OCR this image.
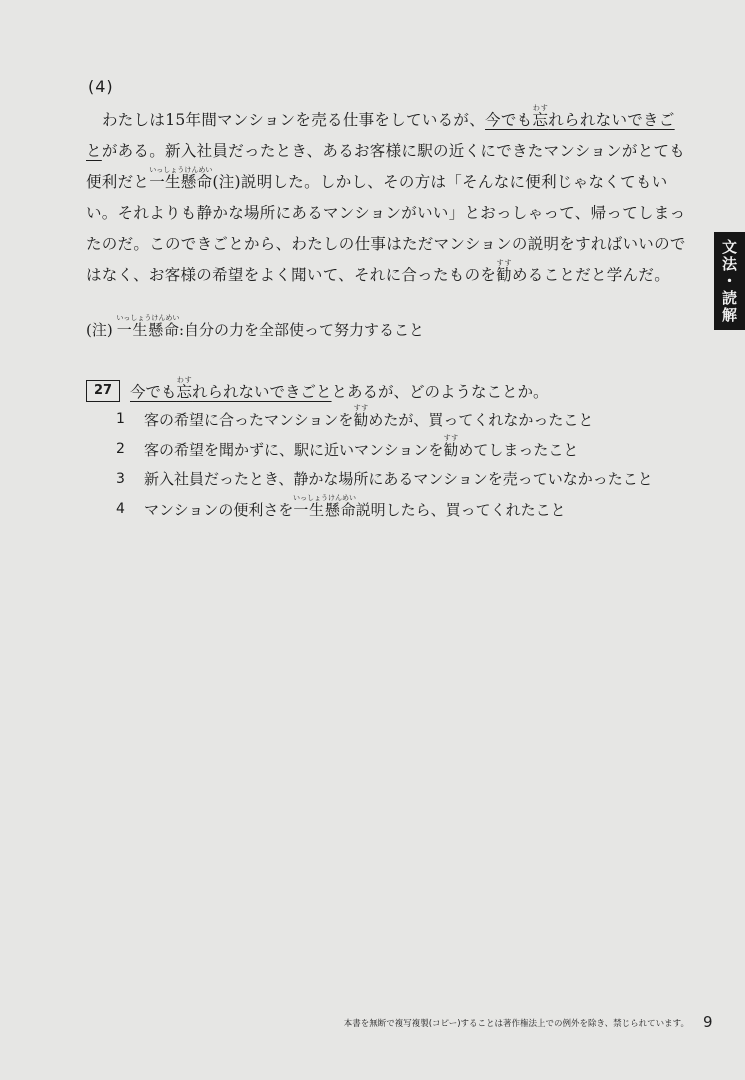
文法・読解
(4)

わたしは15年間マンションを売る仕事をしているが、今でも忘わすれられないできごとがある。新入社員だったとき、あるお客様に駅の近くにできたマンションがとても便利だと一生懸命いっしょうけんめい(注)説明した。しかし、その方は「そんなに便利じゃなくてもいい。それよりも静かな場所にあるマンションがいい」とおっしゃって、帰ってしまったのだ。このできごとから、わたしの仕事はただマンションの説明をすればいいのではなく、お客様の希望をよく聞いて、それに合ったものを勧すすめることだと学んだ。

(注) 一生懸命いっしょうけんめい:自分の力を全部使って努力すること
27	今でも忘わすれられないできごととあるが、どのようなことか。
1	客の希望に合ったマンションを勧すすめたが、買ってくれなかったこと
2	客の希望を聞かずに、駅に近いマンションを勧すすめてしまったこと
3	新入社員だったとき、静かな場所にあるマンションを売っていなかったこと
4	マンションの便利さを一生懸命いっしょうけんめい説明したら、買ってくれたこと
本書を無断で複写複製(コピー)することは著作権法上での例外を除き、禁じられています。 9
